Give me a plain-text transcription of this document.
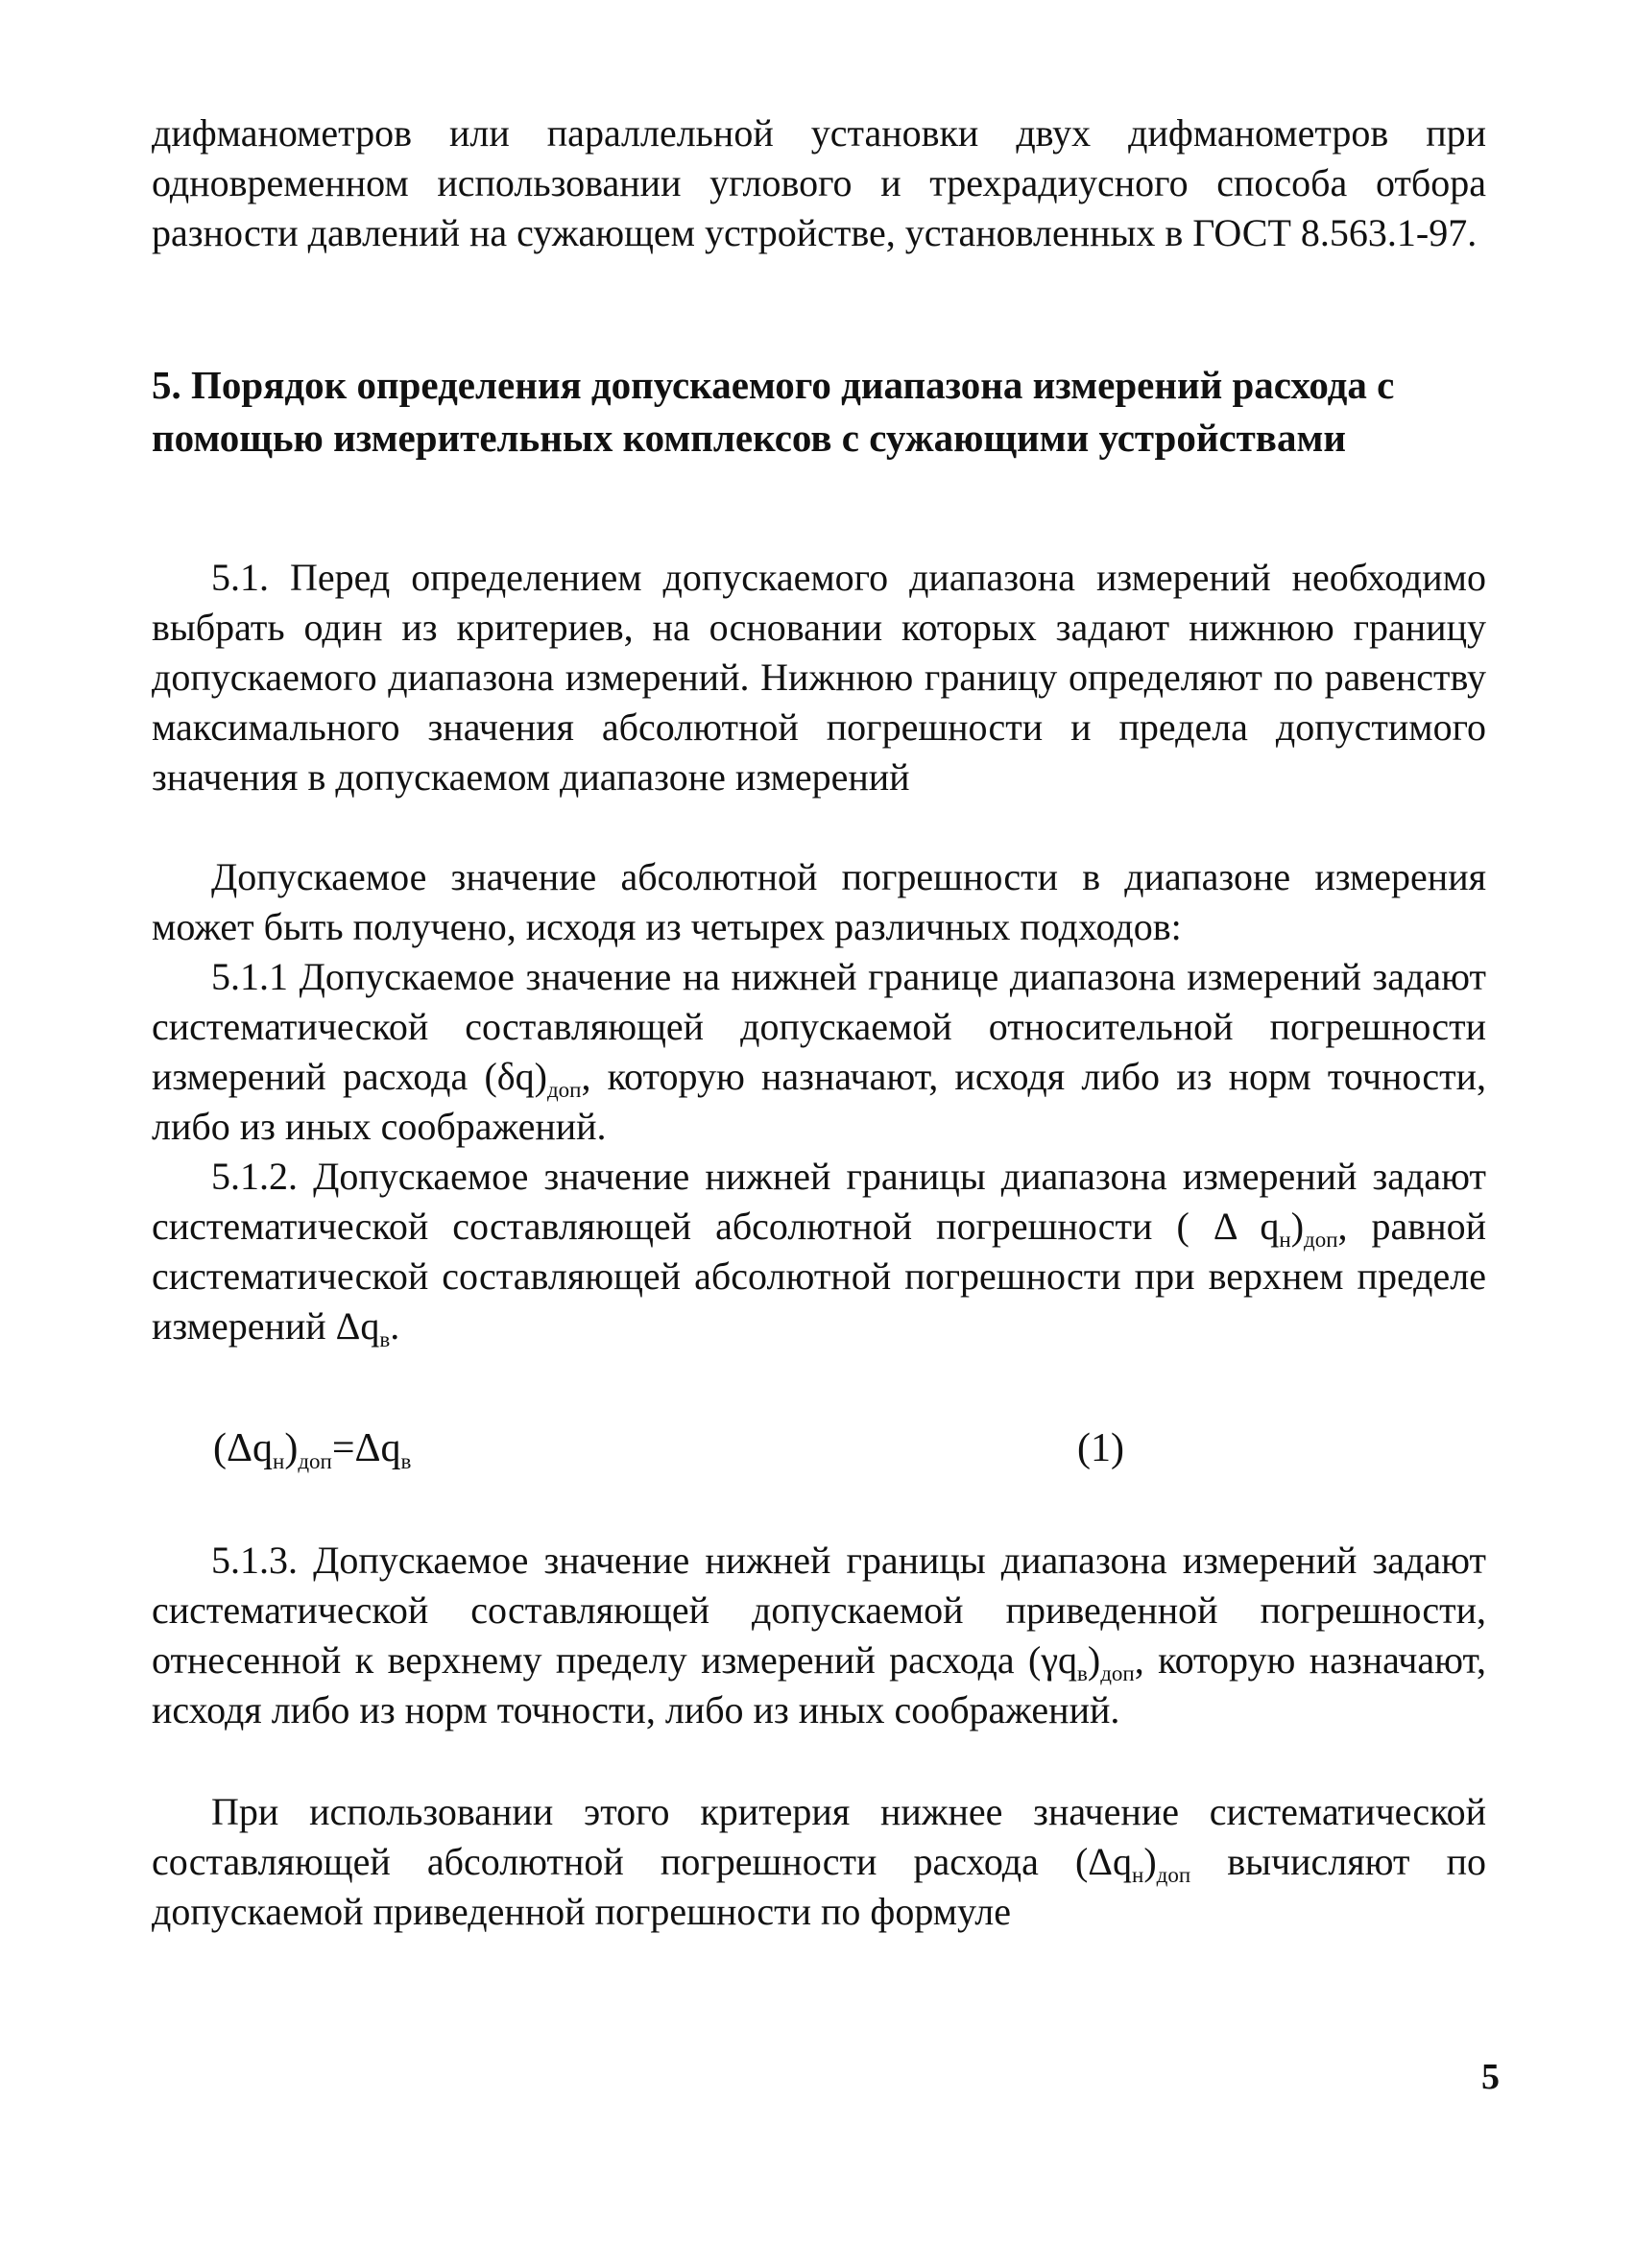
дифманометров или параллельной установки двух дифманометров при одновременном использовании углового и трехрадиусного способа отбора разности давлений на сужающем устройстве, установленных в ГОСТ 8.563.1-97.

5. Порядок определения допускаемого диапазона измерений расхода с помощью измерительных комплексов с сужающими устройствами

5.1. Перед определением допускаемого диапазона измерений необходимо выбрать один из критериев, на основании которых задают нижнюю границу допускаемого диапазона измерений. Нижнюю границу определяют по равенству максимального значения абсолютной погрешности и предела допустимого значения в допускаемом диапазоне измерений

Допускаемое значение абсолютной погрешности в диапазоне измерения может быть получено, исходя из четырех различных подходов:

5.1.1 Допускаемое значение на нижней границе диапазона измерений задают систематической составляющей допускаемой относительной погрешности измерений расхода $(\delta q)_{доп}$, которую назначают, исходя либо из норм точности, либо из иных соображений.

5.1.2. Допускаемое значение нижней границы диапазона измерений задают систематической составляющей абсолютной погрешности ( Δ $q_н)_{доп}$, равной систематической составляющей абсолютной погрешности при верхнем пределе измерений $\Delta q_в$.

$(\Delta q_н)_{доп}=\Delta q_в$	(1)

5.1.3. Допускаемое значение нижней границы диапазона измерений задают систематической составляющей допускаемой приведенной погрешности, отнесенной к верхнему пределу измерений расхода $(\gamma q_в)_{доп}$, которую назначают, исходя либо из норм точности, либо из иных соображений.

При использовании этого критерия нижнее значение систематической составляющей абсолютной погрешности расхода $(\Delta q_н)_{доп}$ вычисляют по допускаемой приведенной погрешности по формуле

5
